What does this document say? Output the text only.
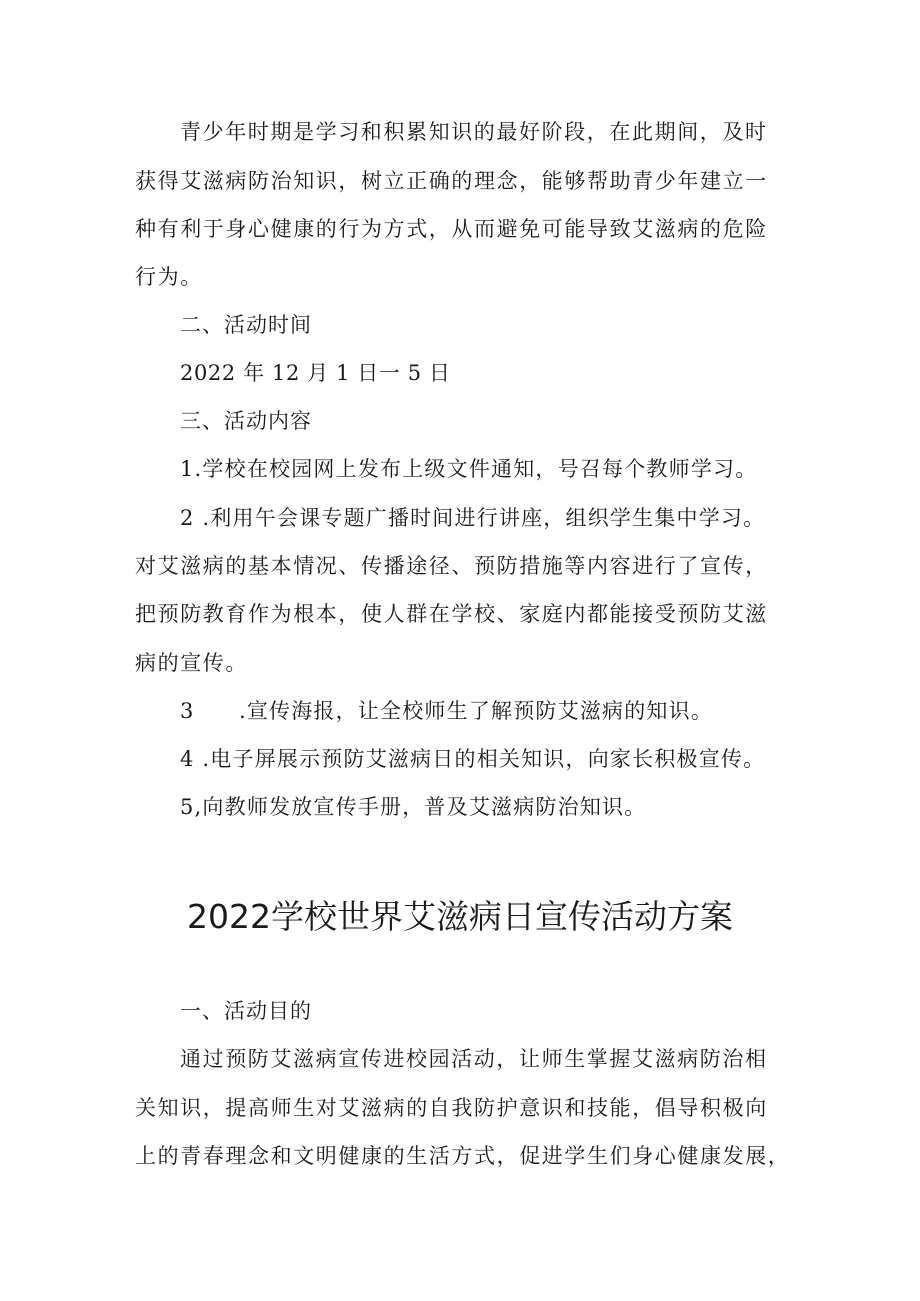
青少年时期是学习和积累知识的最好阶段，在此期间，及时
获得艾滋病防治知识，树立正确的理念，能够帮助青少年建立一
种有利于身心健康的行为方式，从而避免可能导致艾滋病的危险
行为。
二、活动时间
2022 年 12 月 1 日一 5 日
三、活动内容
1.学校在校园网上发布上级文件通知，号召每个教师学习。
2 .利用午会课专题广播时间进行讲座，组织学生集中学习。
对艾滋病的基本情况、传播途径、预防措施等内容进行了宣传，
把预防教育作为根本，使人群在学校、家庭内都能接受预防艾滋
病的宣传。
3　　.宣传海报，让全校师生了解预防艾滋病的知识。
4 .电子屏展示预防艾滋病日的相关知识，向家长积极宣传。
5,向教师发放宣传手册，普及艾滋病防治知识。
2022学校世界艾滋病日宣传活动方案
一、活动目的
通过预防艾滋病宣传进校园活动，让师生掌握艾滋病防治相
关知识，提高师生对艾滋病的自我防护意识和技能，倡导积极向
上的青春理念和文明健康的生活方式，促进学生们身心健康发展，
